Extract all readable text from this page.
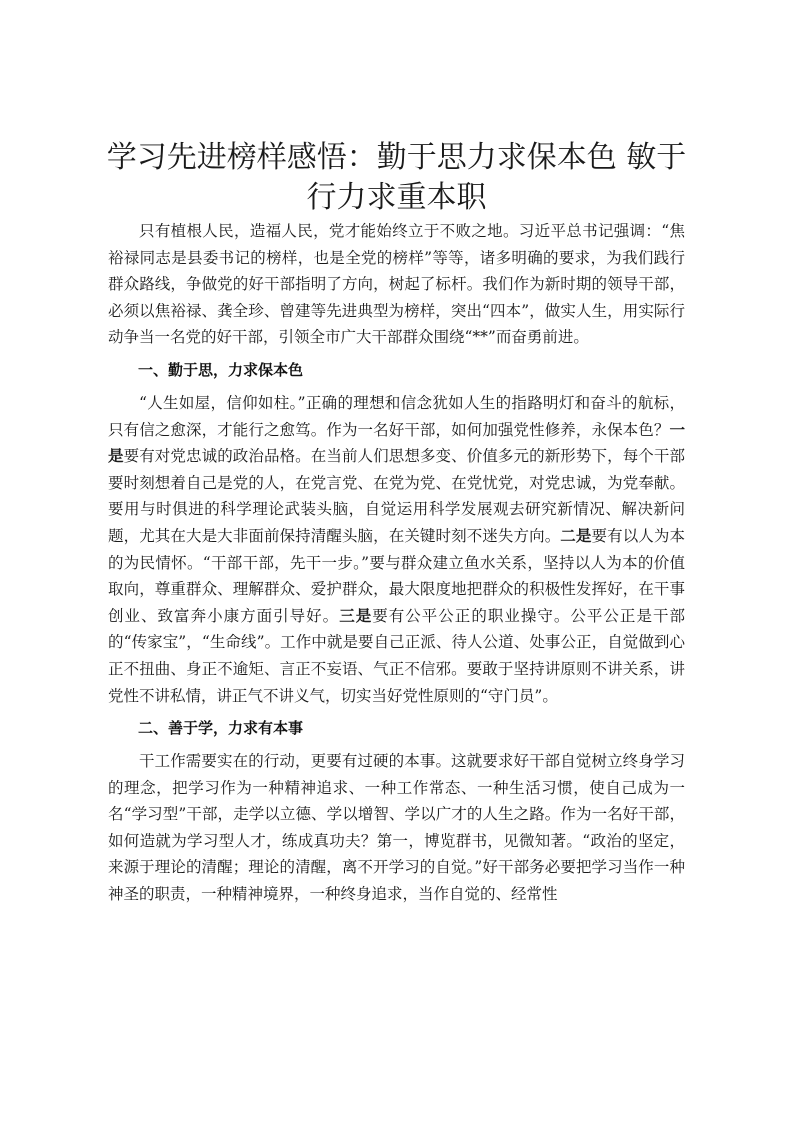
学习先进榜样感悟：勤于思力求保本色 敏于行力求重本职

只有植根人民，造福人民，党才能始终立于不败之地。习近平总书记强调：“焦裕禄同志是县委书记的榜样，也是全党的榜样”等等，诸多明确的要求，为我们践行群众路线，争做党的好干部指明了方向，树起了标杆。我们作为新时期的领导干部，必须以焦裕禄、龚全珍、曾建等先进典型为榜样，突出“四本”，做实人生，用实际行动争当一名党的好干部，引领全市广大干部群众围绕“**”而奋勇前进。

一、勤于思，力求保本色

“人生如屋，信仰如柱。”正确的理想和信念犹如人生的指路明灯和奋斗的航标，只有信之愈深，才能行之愈笃。作为一名好干部，如何加强党性修养，永保本色？一是要有对党忠诚的政治品格。在当前人们思想多变、价值多元的新形势下，每个干部要时刻想着自己是党的人，在党言党、在党为党、在党忧党，对党忠诚，为党奉献。要用与时俱进的科学理论武装头脑，自觉运用科学发展观去研究新情况、解决新问题，尤其在大是大非面前保持清醒头脑，在关键时刻不迷失方向。二是要有以人为本的为民情怀。“干部干部，先干一步。”要与群众建立鱼水关系，坚持以人为本的价值取向，尊重群众、理解群众、爱护群众，最大限度地把群众的积极性发挥好，在干事创业、致富奔小康方面引导好。三是要有公平公正的职业操守。公平公正是干部的“传家宝”，“生命线”。工作中就是要自己正派、待人公道、处事公正，自觉做到心正不扭曲、身正不逾矩、言正不妄语、气正不信邪。要敢于坚持讲原则不讲关系，讲党性不讲私情，讲正气不讲义气，切实当好党性原则的“守门员”。

二、善于学，力求有本事

干工作需要实在的行动，更要有过硬的本事。这就要求好干部自觉树立终身学习的理念，把学习作为一种精神追求、一种工作常态、一种生活习惯，使自己成为一名“学习型”干部，走学以立德、学以增智、学以广才的人生之路。作为一名好干部，如何造就为学习型人才，练成真功夫？第一，博览群书，见微知著。“政治的坚定，来源于理论的清醒；理论的清醒，离不开学习的自觉。”好干部务必要把学习当作一种神圣的职责，一种精神境界，一种终身追求，当作自觉的、经常性
